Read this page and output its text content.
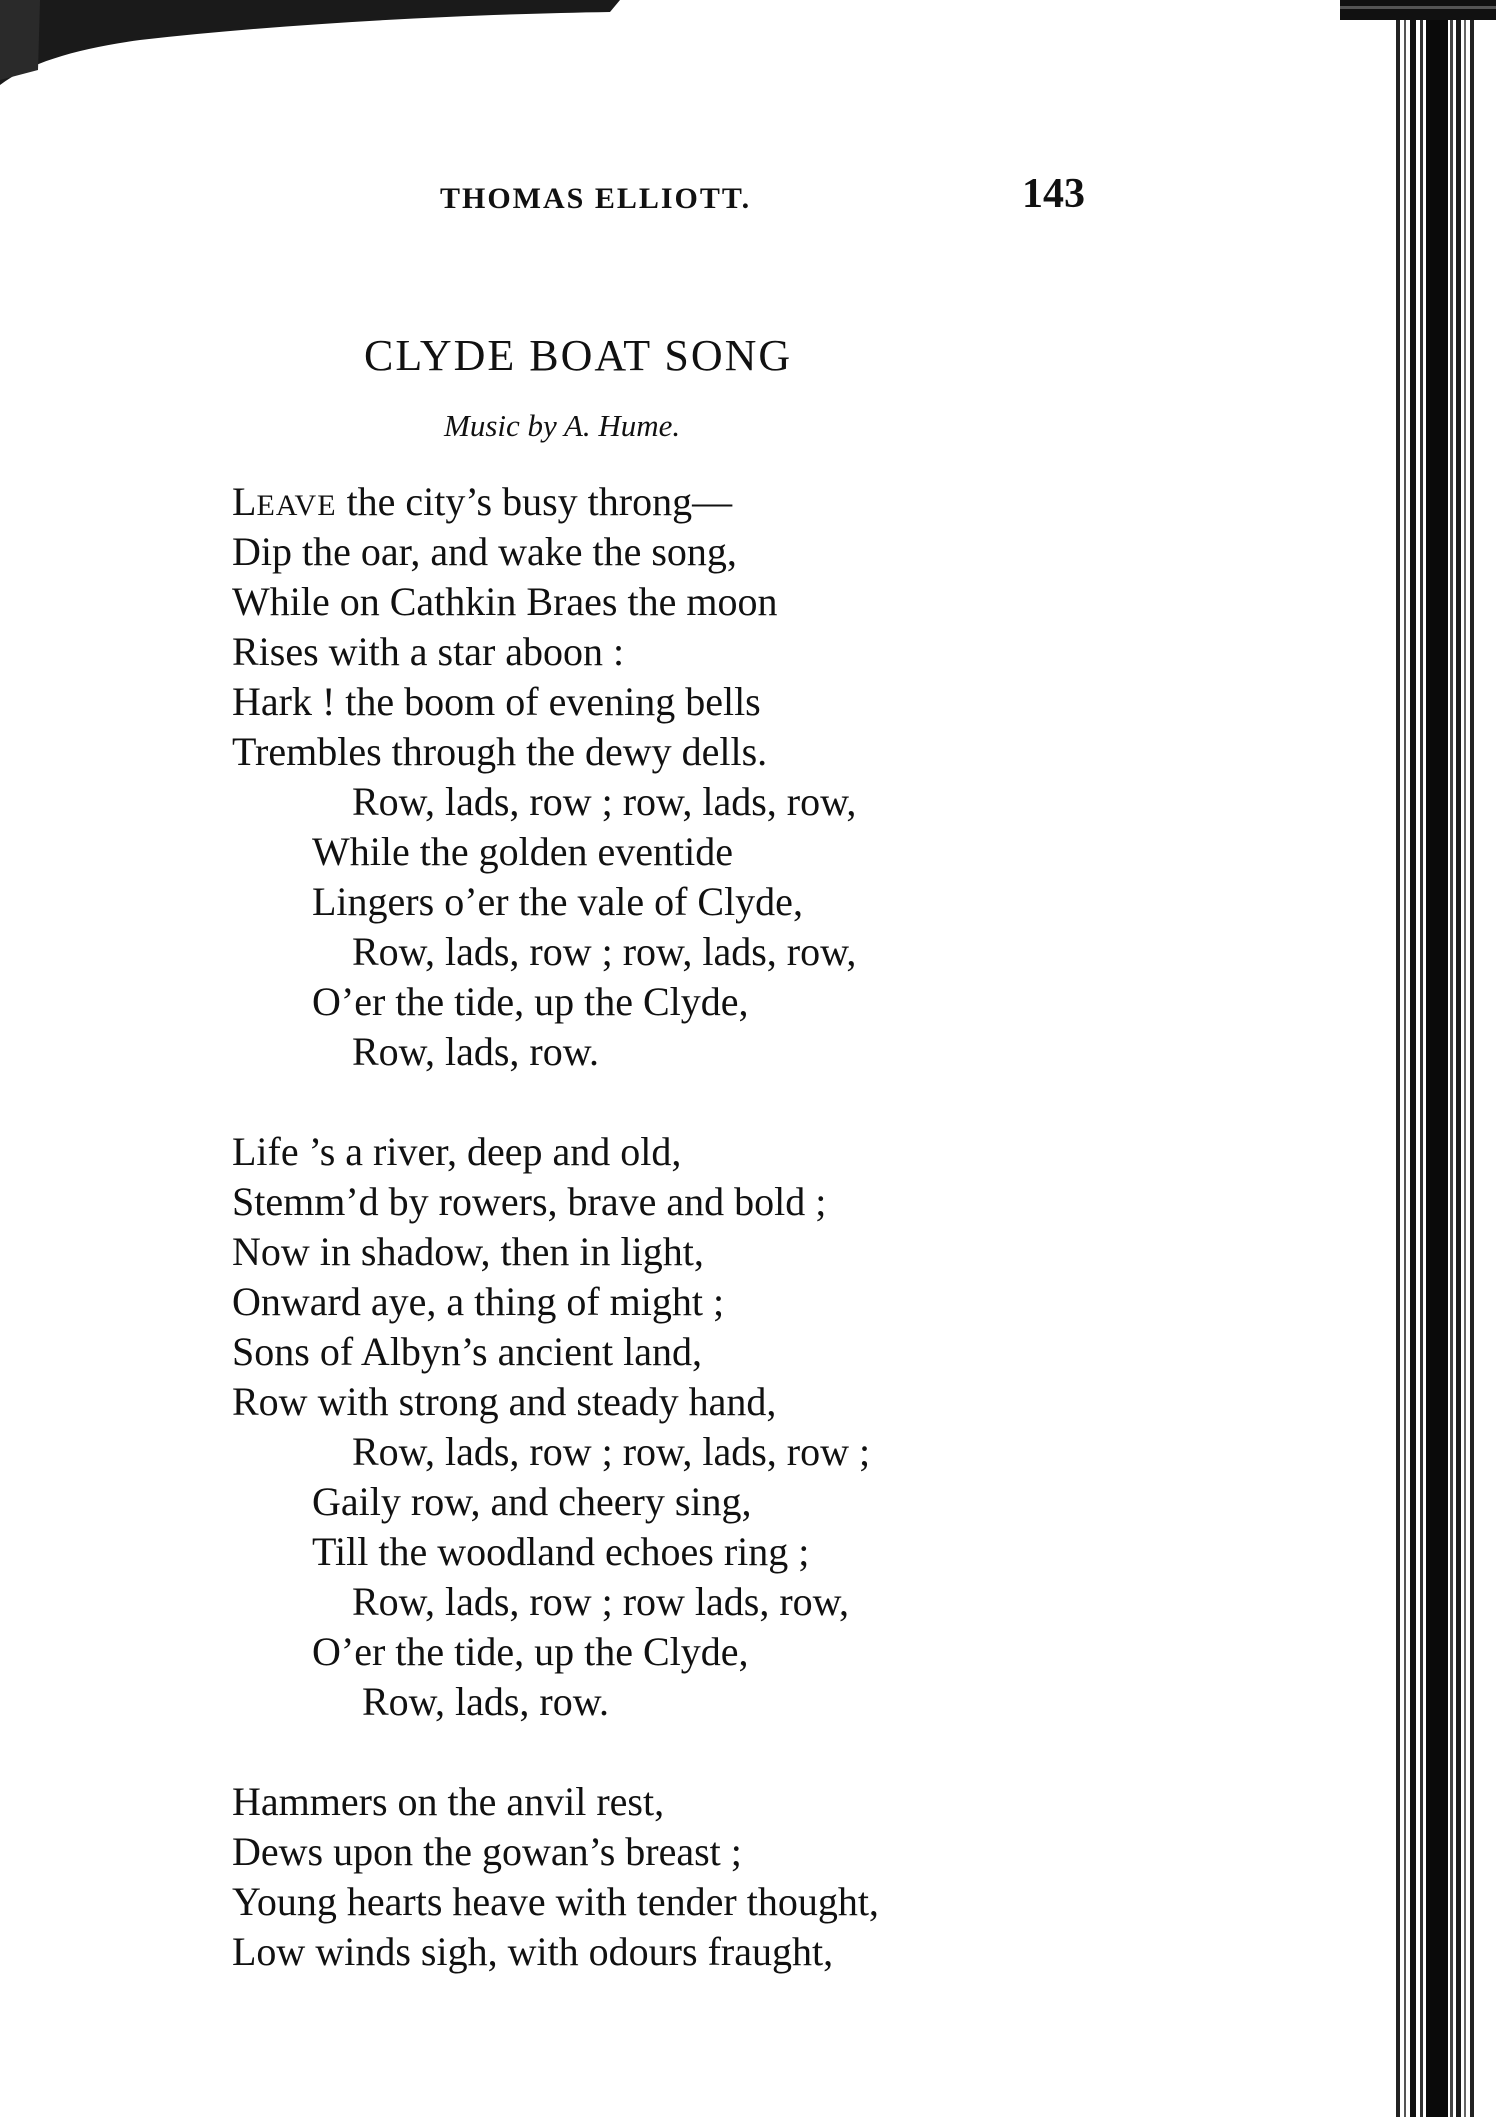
THOMAS ELLIOTT.	143
CLYDE BOAT SONG
Music by A. Hume.
LEAVE the city’s busy throng—
Dip the oar, and wake the song,
While on Cathkin Braes the moon
Rises with a star aboon :
Hark ! the boom of evening bells
Trembles through the dewy dells.
Row, lads, row ; row, lads, row,
While the golden eventide
Lingers o’er the vale of Clyde,
Row, lads, row ; row, lads, row,
O’er the tide, up the Clyde,
Row, lads, row.
Life ’s a river, deep and old,
Stemm’d by rowers, brave and bold ;
Now in shadow, then in light,
Onward aye, a thing of might ;
Sons of Albyn’s ancient land,
Row with strong and steady hand,
Row, lads, row ; row, lads, row ;
Gaily row, and cheery sing,
Till the woodland echoes ring ;
Row, lads, row ; row lads, row,
O’er the tide, up the Clyde,
Row, lads, row.
Hammers on the anvil rest,
Dews upon the gowan’s breast ;
Young hearts heave with tender thought,
Low winds sigh, with odours fraught,
